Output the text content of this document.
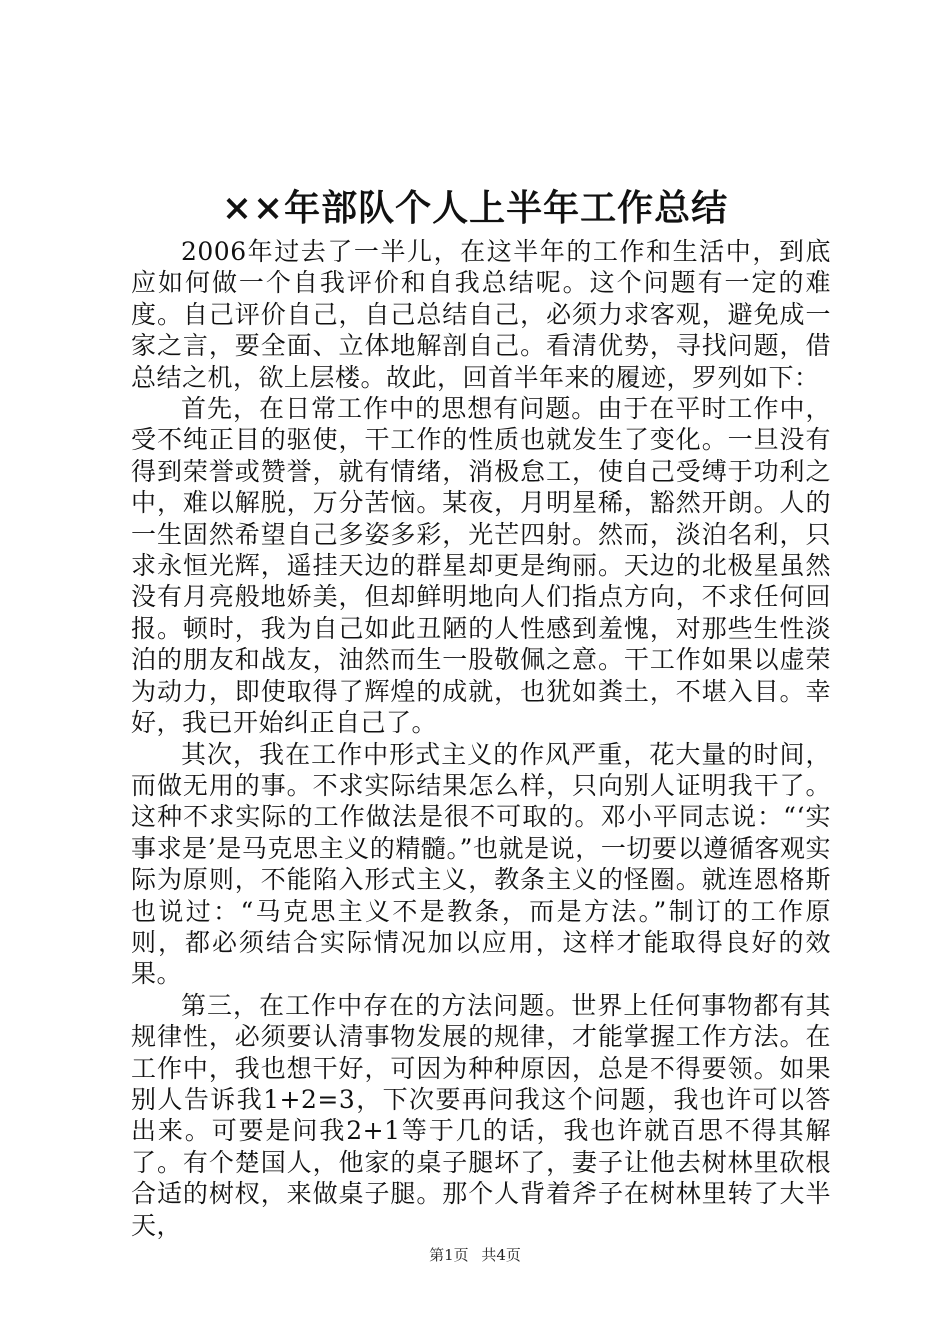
××年部队个人上半年工作总结

2006年过去了一半儿，在这半年的工作和生活中，到底应如何做一个自我评价和自我总结呢。这个问题有一定的难度。自己评价自己，自己总结自己，必须力求客观，避免成一家之言，要全面、立体地解剖自己。看清优势，寻找问题，借总结之机，欲上层楼。故此，回首半年来的履迹，罗列如下：

首先，在日常工作中的思想有问题。由于在平时工作中，受不纯正目的驱使，干工作的性质也就发生了变化。一旦没有得到荣誉或赞誉，就有情绪，消极怠工，使自己受缚于功利之中，难以解脱，万分苦恼。某夜，月明星稀，豁然开朗。人的一生固然希望自己多姿多彩，光芒四射。然而，淡泊名利，只求永恒光辉，遥挂天边的群星却更是绚丽。天边的北极星虽然没有月亮般地娇美，但却鲜明地向人们指点方向，不求任何回报。顿时，我为自己如此丑陋的人性感到羞愧，对那些生性淡泊的朋友和战友，油然而生一股敬佩之意。干工作如果以虚荣为动力，即使取得了辉煌的成就，也犹如粪土，不堪入目。幸好，我已开始纠正自己了。

其次，我在工作中形式主义的作风严重，花大量的时间，而做无用的事。不求实际结果怎么样，只向别人证明我干了。这种不求实际的工作做法是很不可取的。邓小平同志说：“‘实事求是’是马克思主义的精髓。”也就是说，一切要以遵循客观实际为原则，不能陷入形式主义，教条主义的怪圈。就连恩格斯也说过：“马克思主义不是教条，而是方法。”制订的工作原则，都必须结合实际情况加以应用，这样才能取得良好的效果。

第三，在工作中存在的方法问题。世界上任何事物都有其规律性，必须要认清事物发展的规律，才能掌握工作方法。在工作中，我也想干好，可因为种种原因，总是不得要领。如果别人告诉我1+2=3，下次要再问我这个问题，我也许可以答出来。可要是问我2+1等于几的话，我也许就百思不得其解了。有个楚国人，他家的桌子腿坏了，妻子让他去树林里砍根合适的树杈，来做桌子腿。那个人背着斧子在树林里转了大半天，

第1页 共4页
